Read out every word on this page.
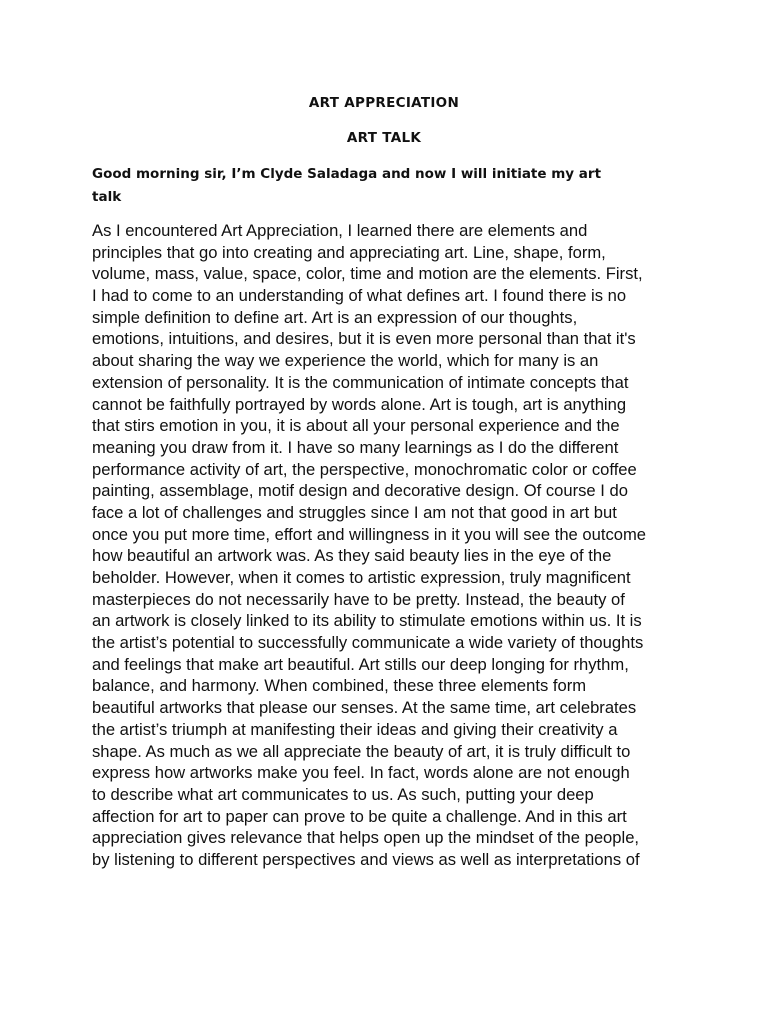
ART APPRECIATION
ART TALK
Good morning sir, I’m Clyde Saladaga and now I will initiate my art
talk
As I encountered Art Appreciation, I learned there are elements and
principles that go into creating and appreciating art. Line, shape, form,
volume, mass, value, space, color, time and motion are the elements. First,
I had to come to an understanding of what defines art. I found there is no
simple definition to define art. Art is an expression of our thoughts,
emotions, intuitions, and desires, but it is even more personal than that it's
about sharing the way we experience the world, which for many is an
extension of personality. It is the communication of intimate concepts that
cannot be faithfully portrayed by words alone. Art is tough, art is anything
that stirs emotion in you, it is about all your personal experience and the
meaning you draw from it. I have so many learnings as I do the different
performance activity of art, the perspective, monochromatic color or coffee
painting, assemblage, motif design and decorative design. Of course I do
face a lot of challenges and struggles since I am not that good in art but
once you put more time, effort and willingness in it you will see the outcome
how beautiful an artwork was. As they said beauty lies in the eye of the
beholder. However, when it comes to artistic expression, truly magnificent
masterpieces do not necessarily have to be pretty. Instead, the beauty of
an artwork is closely linked to its ability to stimulate emotions within us. It is
the artist’s potential to successfully communicate a wide variety of thoughts
and feelings that make art beautiful. Art stills our deep longing for rhythm,
balance, and harmony. When combined, these three elements form
beautiful artworks that please our senses. At the same time, art celebrates
the artist’s triumph at manifesting their ideas and giving their creativity a
shape. As much as we all appreciate the beauty of art, it is truly difficult to
express how artworks make you feel. In fact, words alone are not enough
to describe what art communicates to us. As such, putting your deep
affection for art to paper can prove to be quite a challenge. And in this art
appreciation gives relevance that helps open up the mindset of the people,
by listening to different perspectives and views as well as interpretations of
